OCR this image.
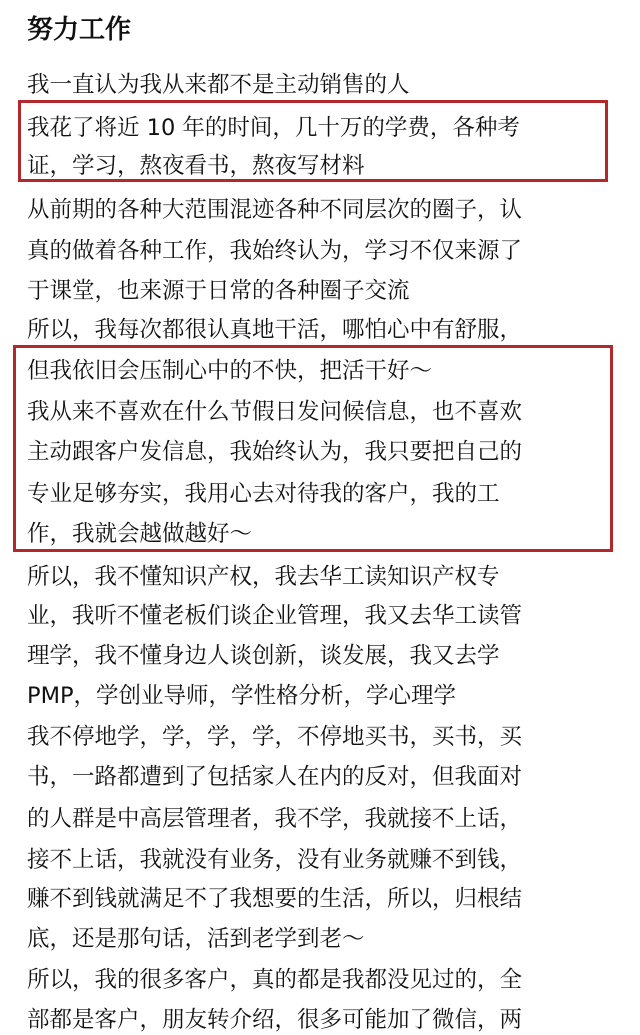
努力工作
我一直认为我从来都不是主动销售的人
我花了将近 10 年的时间，几十万的学费，各种考
证，学习，熬夜看书，熬夜写材料
从前期的各种大范围混迹各种不同层次的圈子，认
真的做着各种工作，我始终认为，学习不仅来源了
于课堂，也来源于日常的各种圈子交流
所以，我每次都很认真地干活，哪怕心中有舒服，
但我依旧会压制心中的不快，把活干好～
我从来不喜欢在什么节假日发问候信息，也不喜欢
主动跟客户发信息，我始终认为，我只要把自己的
专业足够夯实，我用心去对待我的客户，我的工
作，我就会越做越好～
所以，我不懂知识产权，我去华工读知识产权专
业，我听不懂老板们谈企业管理，我又去华工读管
理学，我不懂身边人谈创新，谈发展，我又去学
PMP，学创业导师，学性格分析，学心理学
我不停地学，学，学，学，不停地买书，买书，买
书，一路都遭到了包括家人在内的反对，但我面对
的人群是中高层管理者，我不学，我就接不上话，
接不上话，我就没有业务，没有业务就赚不到钱，
赚不到钱就满足不了我想要的生活，所以，归根结
底，还是那句话，活到老学到老～
所以，我的很多客户，真的都是我都没见过的，全
部都是客户，朋友转介绍，很多可能加了微信，两
